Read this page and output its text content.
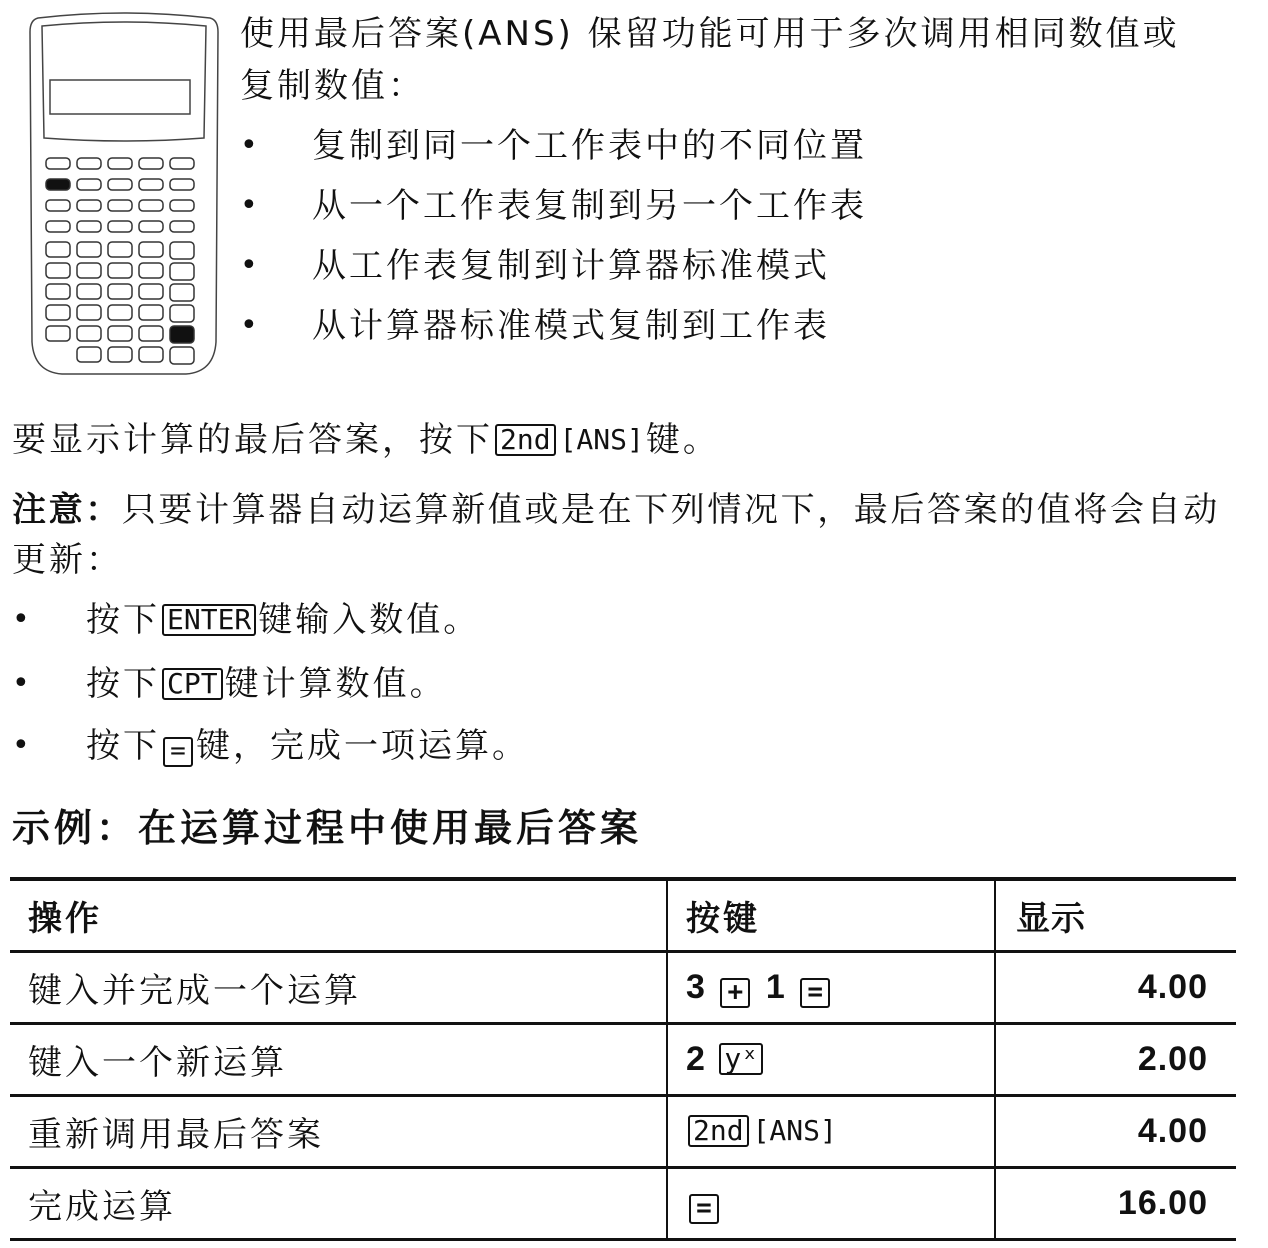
使用最后答案(ANS) 保留功能可用于多次调用相同数值或
复制数值：
• 复制到同一个工作表中的不同位置
• 从一个工作表复制到另一个工作表
• 从工作表复制到计算器标准模式
• 从计算器标准模式复制到工作表
要显示计算的最后答案，按下 2nd [ANS]键。
注意：只要计算器自动运算新值或是在下列情况下，最后答案的值将会自动
更新：
• 按下 ENTER 键输入数值。
• 按下 CPT 键计算数值。
• 按下 = 键，完成一项运算。
示例：在运算过程中使用最后答案
操作	按键	显示
键入并完成一个运算	3 + 1 =	4.00
键入一个新运算	2 yˣ	2.00
重新调用最后答案	2nd [ANS]	4.00
完成运算	=	16.00
